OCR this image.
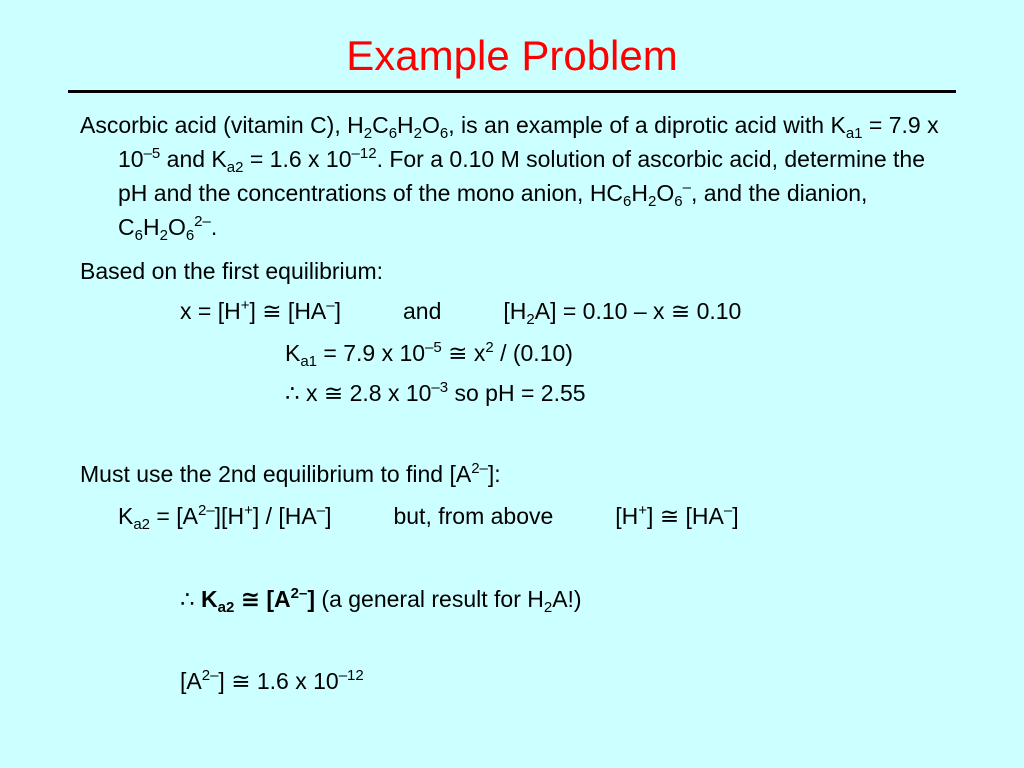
Example Problem
Ascorbic acid (vitamin C), $H_2C_6H_2O_6$, is an example of a diprotic acid with $K_{a1} = 7.9$ x $10^{-5}$ and $K_{a2} = 1.6$ x $10^{-12}$. For a 0.10 M solution of ascorbic acid, determine the pH and the concentrations of the mono anion, $HC_6H_2O_6^-$, and the dianion, $C_6H_2O_6^{2-}$.
Based on the first equilibrium:
x = [H+] ≅ [HA–]	and	$[H_2A] = 0.10 - x$ ≅ 0.10
$K_{a1} = 7.9$ x $10^{-5}$ ≅ $x^2 / (0.10)$
∴ x ≅ 2.8 x $10^{-3}$ so pH = 2.55
Must use the 2nd equilibrium to find $[A^{2-}]$:
$K_{a2} = [A^{2-}][H^+] / [HA^-]$	but, from above	[H+] ≅ [HA–]
∴ $K_{a2}$ ≅ $[A^{2-}]$ (a general result for $H_2A$!)
$[A^{2-}]$ ≅ 1.6 x $10^{-12}$
